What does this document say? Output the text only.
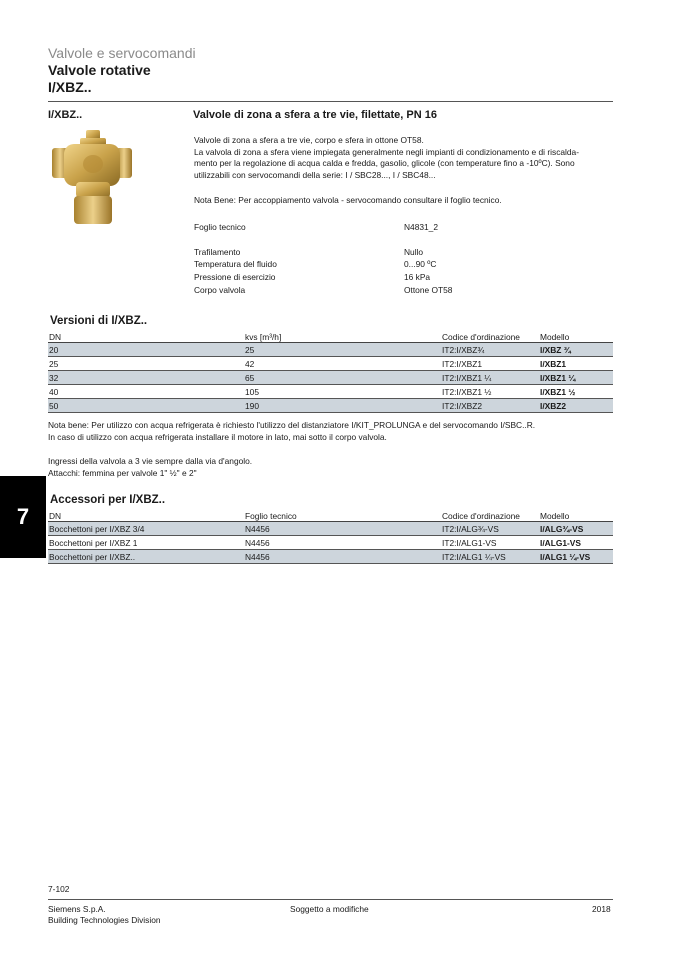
Valvole e servocomandi
Valvole rotative
I/XBZ..
I/XBZ..	Valvole di zona a sfera a tre vie, filettate, PN 16

Valvole di zona a sfera a tre vie, corpo e sfera in ottone OT58.

La valvola di zona a sfera viene impiegata generalmente negli impianti di condizionamento e di riscalda-

mento per la regolazione di acqua calda e fredda, gasolio, glicole (con temperature fino a -10ºC). Sono

utilizzabili con servocomandi della serie: I / SBC28..., I / SBC48...

Nota Bene: Per accoppiamento valvola - servocomando consultare il foglio tecnico.
Foglio tecnico	N4831_2
Trafilamento	Nullo
Temperatura del fluido	0...90 ºC
Pressione di esercizio	16 kPa
Corpo valvola	Ottone OT58
Versioni di I/XBZ..
DN	kvs [m³/h]	Codice d'ordinazione	Modello
20	25	IT2:I/XBZ¾	I/XBZ ¾
25	42	IT2:I/XBZ1	I/XBZ1
32	65	IT2:I/XBZ1 ¼	I/XBZ1 ¼
40	105	IT2:I/XBZ1 ½	I/XBZ1 ½
50	190	IT2:I/XBZ2	I/XBZ2

Nota bene: Per utilizzo con acqua refrigerata è richiesto l'utilizzo del distanziatore I/KIT_PROLUNGA e del servocomando I/SBC..R.

In caso di utilizzo con acqua refrigerata installare il motore in lato, mai sotto il corpo valvola.

Ingressi della valvola a 3 vie sempre dalla via d'angolo.

Attacchi: femmina per valvole 1" ½" e 2"

7
Accessori per I/XBZ..
DN	Foglio tecnico	Codice d'ordinazione	Modello
Bocchettoni per I/XBZ 3/4	N4456	IT2:I/ALG¾-VS	I/ALG¾-VS
Bocchettoni per I/XBZ 1	N4456	IT2:I/ALG1-VS	I/ALG1-VS
Bocchettoni per I/XBZ..	N4456	IT2:I/ALG1 ¼-VS	I/ALG1 ¼-VS
7-102
Siemens S.p.A.
Building Technologies Division
Soggetto a modifiche	2018
